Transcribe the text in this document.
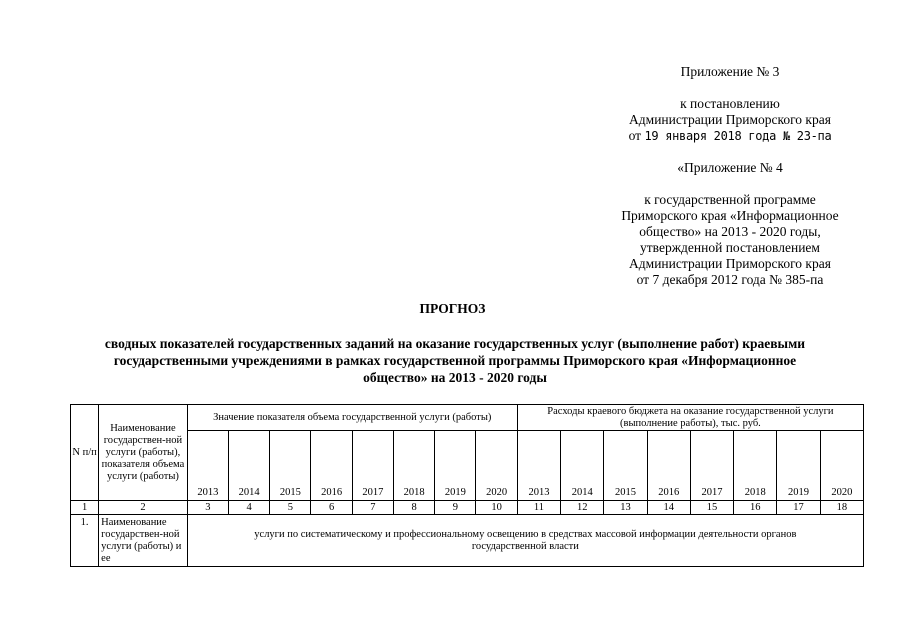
Приложение № 3
к постановлению
Администрации Приморского края
от 19 января 2018 года № 23-па
«Приложение № 4
к государственной программе
Приморского края «Информационное
общество» на 2013 - 2020 годы,
утвержденной постановлением
Администрации Приморского края
от 7 декабря 2012 года № 385-па
ПРОГНОЗ
сводных показателей государственных заданий на оказание государственных услуг (выполнение работ) краевыми
государственными учреждениями в рамках государственной программы Приморского края «Информационное
общество» на 2013 - 2020 годы
N п/п	Наименование государствен-ной услуги (работы), показателя объема услуги (работы)	Значение показателя объема государственной услуги (работы)								Расходы краевого бюджета на оказание государственной услуги (выполнение работы), тыс. руб.							
		2013	2014	2015	2016	2017	2018	2019	2020	2013	2014	2015	2016	2017	2018	2019	2020
1	2	3	4	5	6	7	8	9	10	11	12	13	14	15	16	17	18
1.	Наименование государствен-ной услуги (работы) и ее	услуги по систематическому и профессиональному освещению в средствах массовой информации деятельности органов государственной власти															
